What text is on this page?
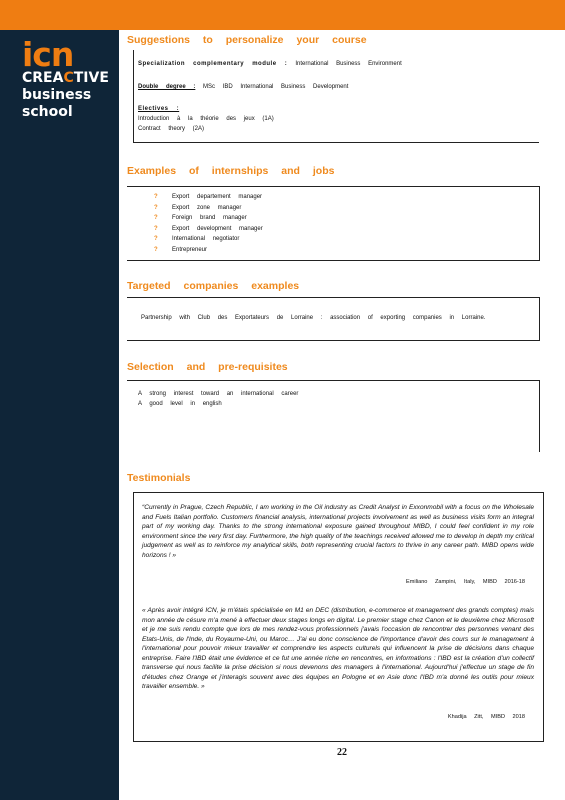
icn
CREACTIVE
business
school
Suggestions to personalize your course
Specialization complementary module : International Business Environment
Double degree : MSc IBD International Business Development
Electives :
Introduction à la théorie des jeux (1A)
Contract theory (2A)
Examples of internships and jobs
? Export departement manager
? Export zone manager
? Foreign brand manager
? Export development manager
? International negotiator
? Entrepreneur
Targeted companies examples
Partnership with Club des Exportateurs de Lorraine : association of exporting companies in Lorraine.
Selection and pre-requisites
A strong interest toward an international career
A good level in english
Testimonials
“Currently in Prague, Czech Republic, I am working in the Oil industry as Credit Analyst in Exxonmobil with a focus on the Wholesale and Fuels Italian portfolio. Customers financial analysis, international projects involvement as well as business visits form an integral part of my working day. Thanks to the strong international exposure gained throughout MIBD, I could feel confident in my role environment since the very first day. Furthermore, the high quality of the teachings received allowed me to develop in depth my critical judgement as well as to reinforce my analytical skills, both representing crucial factors to thrive in any career path. MIBD opens wide horizons ! »
Emiliano Zampini, Italy, MIBD 2016-18
« Après avoir intégré ICN, je m'étais spécialisée en M1 en DEC (distribution, e-commerce et management des grands comptes) mais mon année de césure m'a mené à effectuer deux stages longs en digital. Le premier stage chez Canon et le deuxième chez Microsoft et je me suis rendu compte que lors de mes rendez-vous professionnels j'avais l'occasion de rencontrer des personnes venant des Etats-Unis, de l'Inde, du Royaume-Uni, ou Maroc… J'ai eu donc conscience de l'importance d'avoir des cours sur le management à l'international pour pouvoir mieux travailler et comprendre les aspects culturels qui influencent la prise de décisions dans chaque entreprise. Faire l'IBD était une évidence et ce fut une année riche en rencontres, en informations : l'IBD est la création d'un collectif transverse qui nous facilite la prise décision si nous devenons des managers à l'international. Aujourd'hui j'effectue un stage de fin d'études chez Orange et j'interagis souvent avec des équipes en Pologne et en Asie donc l'IBD m'a donné les outils pour mieux travailler ensemble. »
Khadija Zitt, MIBD 2018
22
